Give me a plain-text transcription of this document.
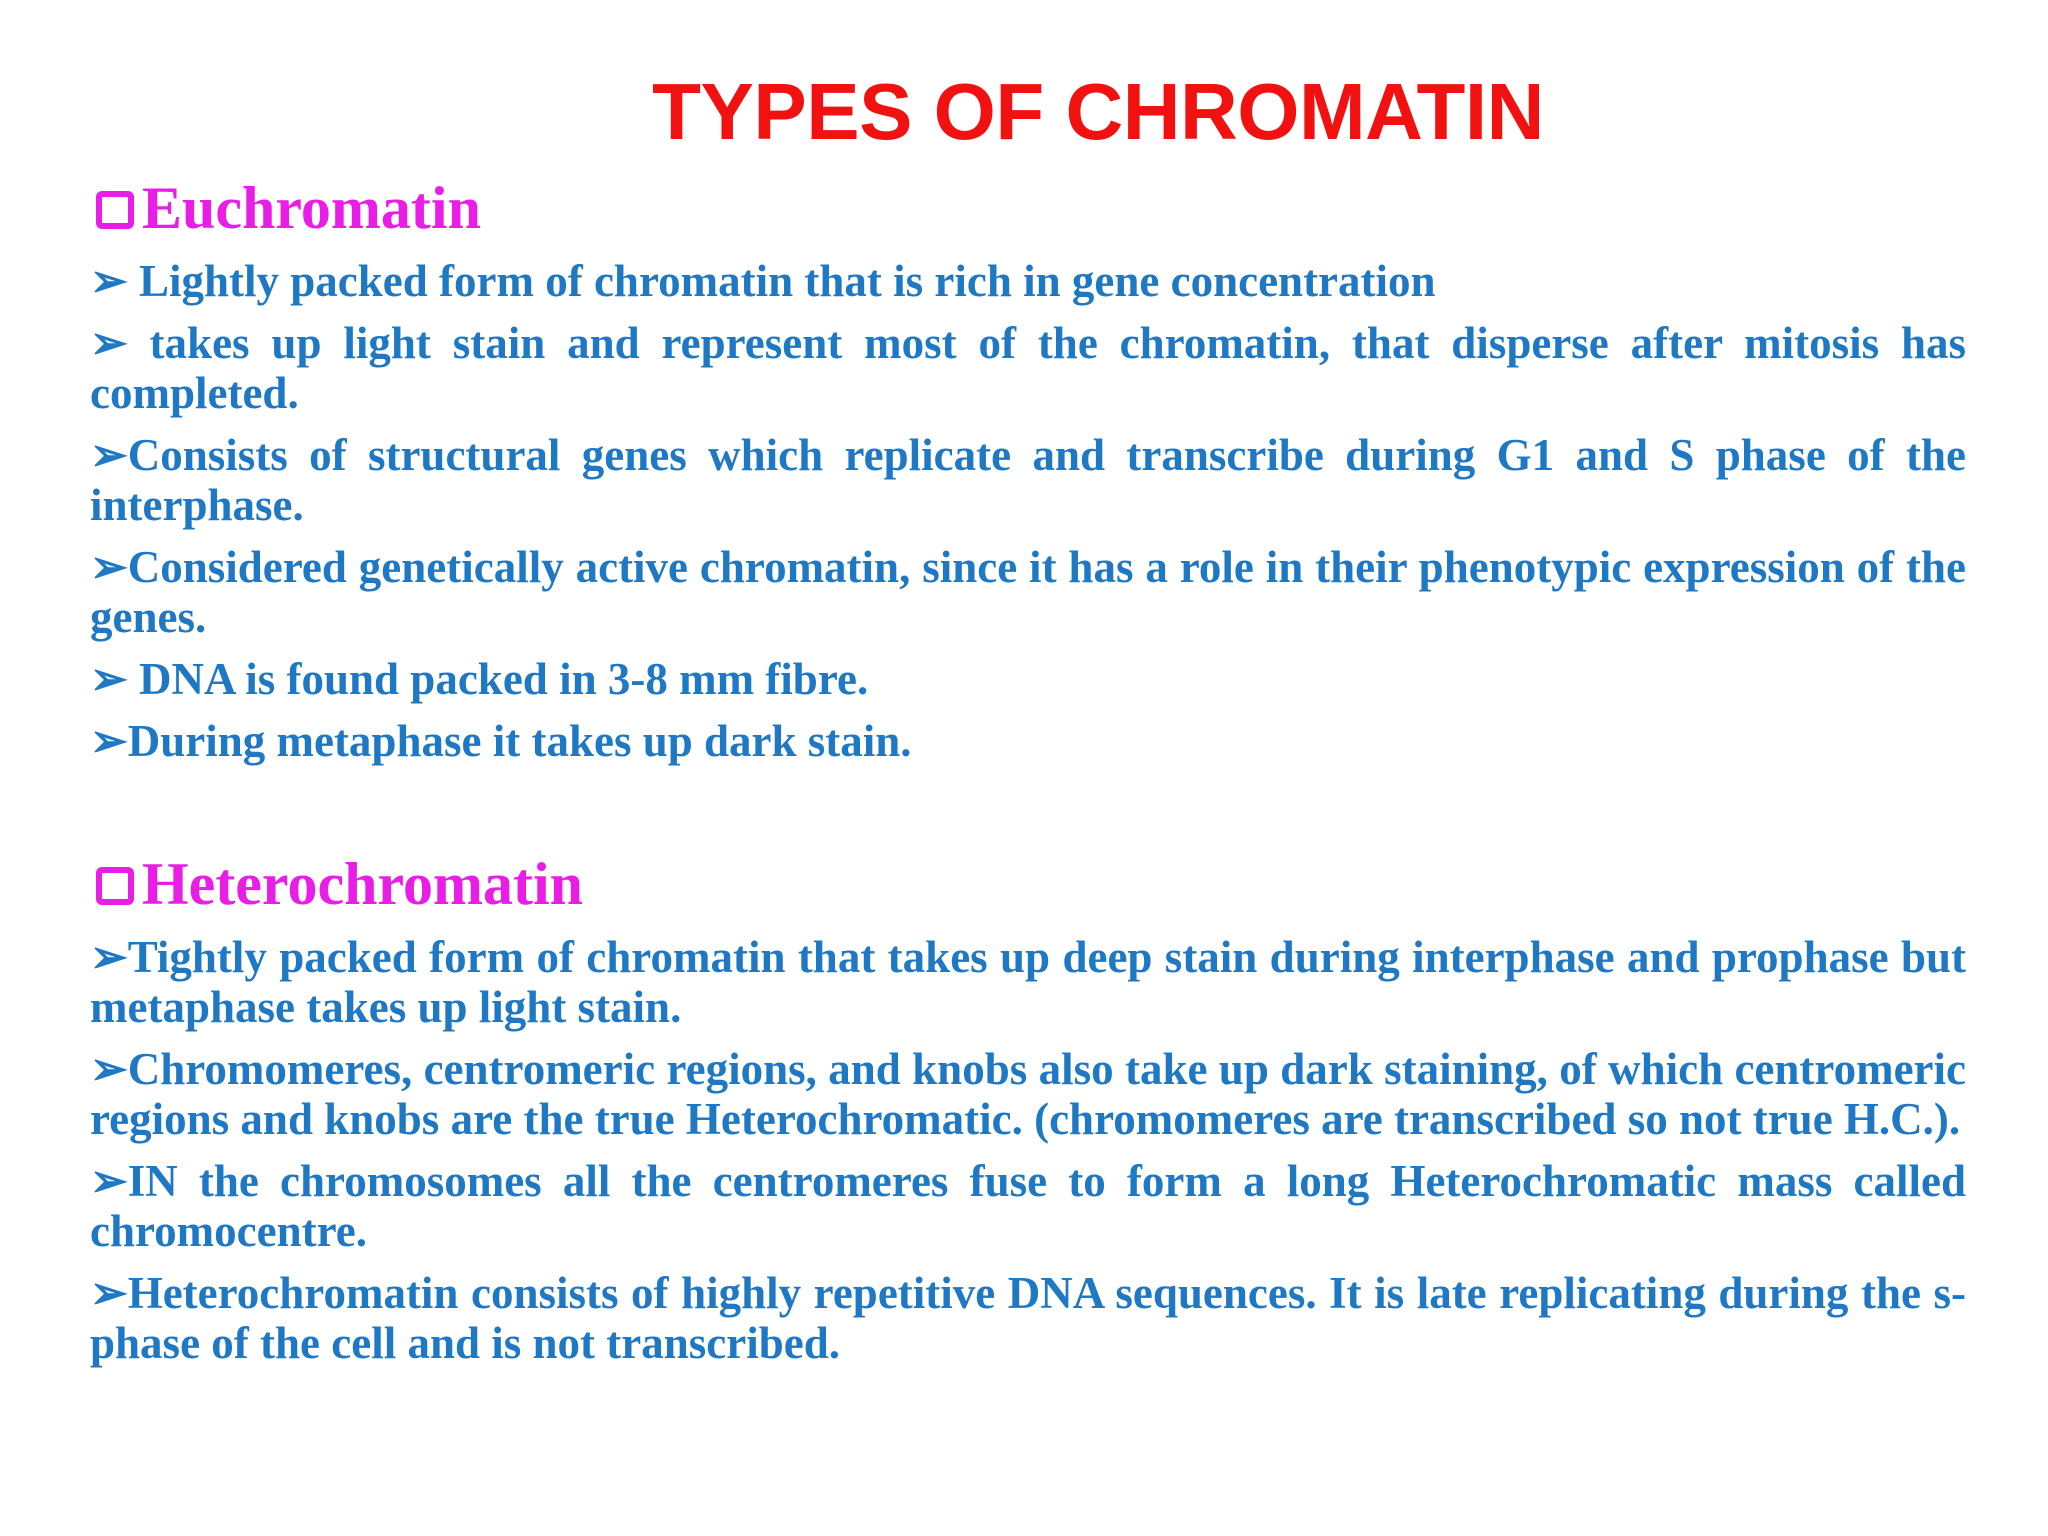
TYPES OF CHROMATIN
Euchromatin
➢ Lightly packed form of chromatin that is rich in gene concentration
➢ takes up light stain and represent most of the chromatin, that disperse after mitosis has completed.
➢Consists of structural genes which replicate and transcribe during G1 and S phase of the interphase.
➢Considered genetically active chromatin, since it has a role in their phenotypic expression of the genes.
➢ DNA is found packed in 3-8 mm fibre.
➢During metaphase it takes up dark stain.
Heterochromatin
➢Tightly packed form of chromatin that takes up deep stain during interphase and prophase but metaphase takes up light stain.
➢Chromomeres, centromeric regions, and knobs also take up dark staining, of which centromeric regions and knobs are the true Heterochromatic. (chromomeres are transcribed so not true H.C.).
➢IN the chromosomes all the centromeres fuse to form a long Heterochromatic mass called chromocentre.
➢Heterochromatin consists of highly repetitive DNA sequences. It is late replicating during the s-phase of the cell and is not transcribed.
